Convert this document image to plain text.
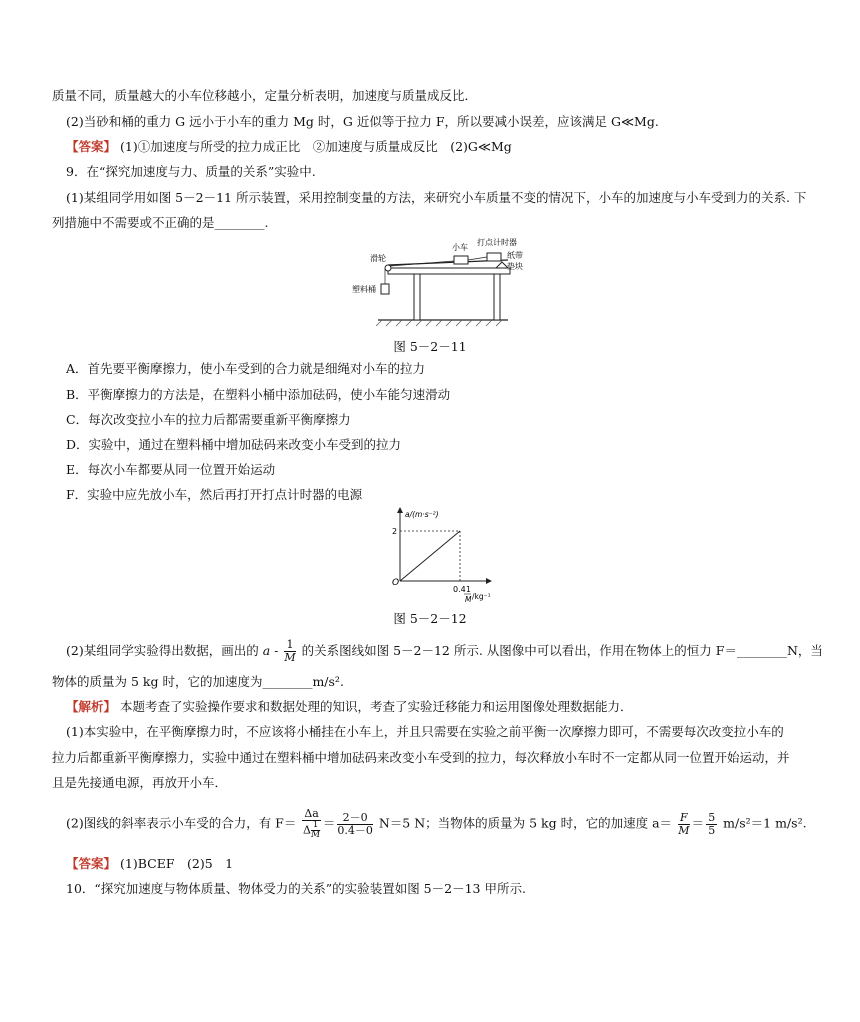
质量不同，质量越大的小车位移越小，定量分析表明，加速度与质量成反比．
(2)当砂和桶的重力 G 远小于小车的重力 Mg 时，G 近似等于拉力 F，所以要减小误差，应该满足 G≪Mg.
【答案】 (1)①加速度与所受的拉力成正比　②加速度与质量成反比　(2)G≪Mg
9．在“探究加速度与力、质量的关系”实验中.
(1)某组同学用如图 5－2－11 所示装置，采用控制变量的方法，来研究小车质量不变的情况下，小车的加速度与小车受到力的关系. 下
列措施中不需要或不正确的是________.
滑轮
小车
打点计时器
纸带
垫块
塑料桶
图 5－2－11
A．首先要平衡摩擦力，使小车受到的合力就是细绳对小车的拉力
B．平衡摩擦力的方法是，在塑料小桶中添加砝码，使小车能匀速滑动
C．每次改变拉小车的拉力后都需要重新平衡摩擦力
D．实验中，通过在塑料桶中增加砝码来改变小车受到的拉力
E．每次小车都要从同一位置开始运动
F．实验中应先放小车，然后再打开打点计时器的电源
2
0.4
a/(m·s⁻²)
O
/kg⁻¹
1
M
图 5－2－12
(2)某组同学实验得出数据，画出的 a - $\frac{1}{M}$ 的关系图线如图 5－2－12 所示. 从图像中可以看出，作用在物体上的恒力 F＝________N，当
物体的质量为 5 kg 时，它的加速度为________m/s².
【解析】 本题考查了实验操作要求和数据处理的知识，考查了实验迁移能力和运用图像处理数据能力．
(1)本实验中，在平衡摩擦力时，不应该将小桶挂在小车上，并且只需要在实验之前平衡一次摩擦力即可，不需要每次改变拉小车的
拉力后都重新平衡摩擦力，实验中通过在塑料桶中增加砝码来改变小车受到的拉力，每次释放小车时不一定都从同一位置开始运动，并
且是先接通电源，再放开小车．
(2)图线的斜率表示小车受的合力，有 $F= \frac{\Delta a}{\Delta \frac{1}{M}} = \frac{2-0}{0.4-0} N=5$ N；当物体的质量为 5 kg 时，它的加速度 $a= \frac{F}{M} = \frac{5}{5} m/s^2=1$ m/s².
【答案】 (1)BCEF　(2)5　1
10．“探究加速度与物体质量、物体受力的关系”的实验装置如图 5－2－13 甲所示.
